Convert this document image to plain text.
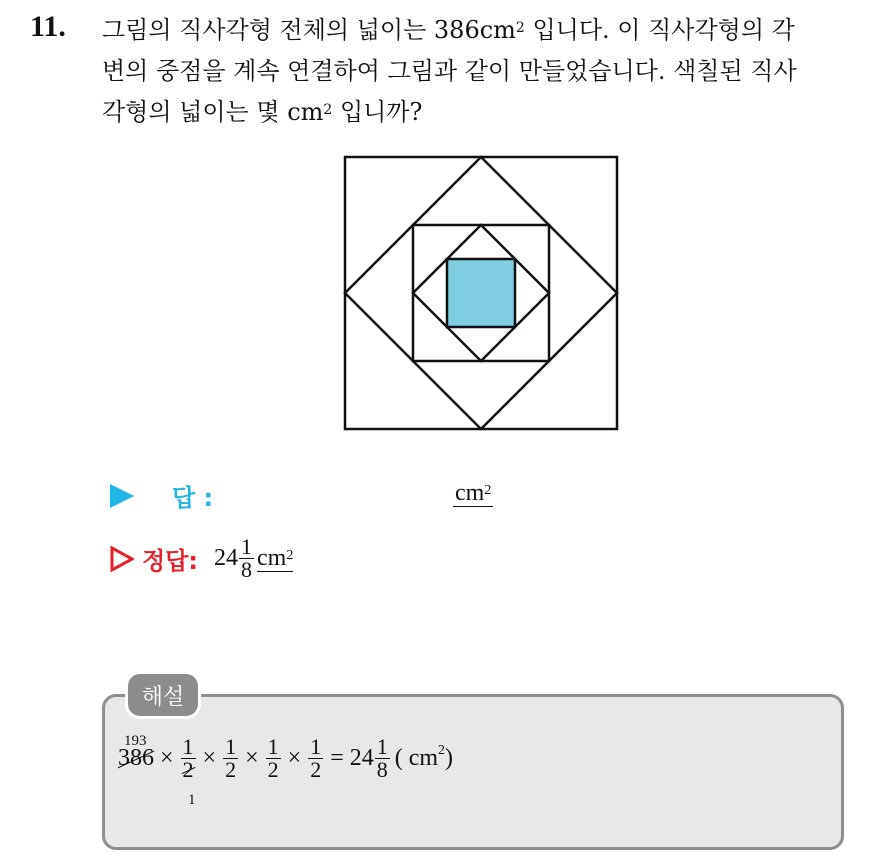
11. 그림의 직사각형 전체의 넓이는 $386cm^2$ 입니다. 이 직사각형의 각
변의 중점을 계속 연결하여 그림과 같이 만들었습니다. 색칠된 직사
각형의 넓이는 몇 $cm^2$ 입니까?
답 :	$cm^2$
정답: $24 \frac{1}{8} cm^2$
해설
193
1
$386 \times \frac{1}{2} \times \frac{1}{2} \times \frac{1}{2} \times \frac{1}{2} = 24 \frac{1}{8}$ ( $cm^2$)
